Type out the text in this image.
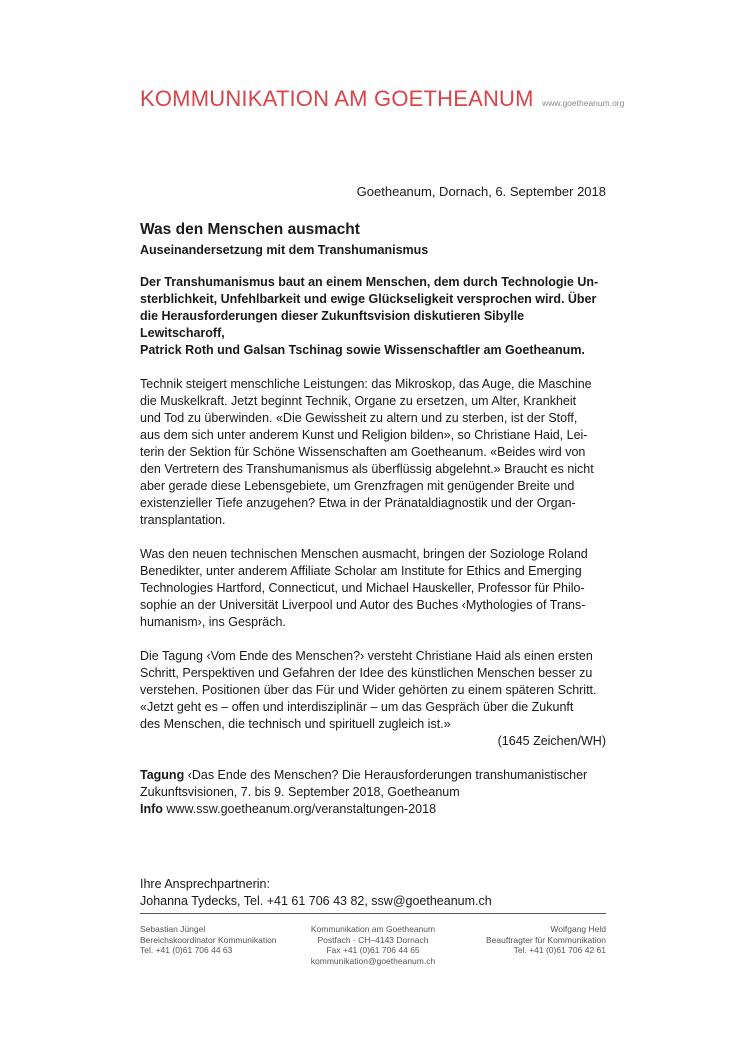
KOMMUNIKATION AM GOETHEANUM www.goetheanum.org
Goetheanum, Dornach, 6. September 2018
Was den Menschen ausmacht
Auseinandersetzung mit dem Transhumanismus
Der Transhumanismus baut an einem Menschen, dem durch Technologie Un-
sterblichkeit, Unfehlbarkeit und ewige Glückseligkeit versprochen wird. Über
die Herausforderungen dieser Zukunftsvision diskutieren Sibylle Lewitscharoff,
Patrick Roth und Galsan Tschinag sowie Wissenschaftler am Goetheanum.
Technik steigert menschliche Leistungen: das Mikroskop, das Auge, die Maschine
die Muskelkraft. Jetzt beginnt Technik, Organe zu ersetzen, um Alter, Krankheit
und Tod zu überwinden. «Die Gewissheit zu altern und zu sterben, ist der Stoff,
aus dem sich unter anderem Kunst und Religion bilden», so Christiane Haid, Lei-
terin der Sektion für Schöne Wissenschaften am Goetheanum. «Beides wird von
den Vertretern des Transhumanismus als überflüssig abgelehnt.» Braucht es nicht
aber gerade diese Lebensgebiete, um Grenzfragen mit genügender Breite und
existenzieller Tiefe anzugehen? Etwa in der Pränataldiagnostik und der Organ-
transplantation.
Was den neuen technischen Menschen ausmacht, bringen der Soziologe Roland
Benedikter, unter anderem Affiliate Scholar am Institute for Ethics and Emerging
Technologies Hartford, Connecticut, und Michael Hauskeller, Professor für Philo-
sophie an der Universität Liverpool und Autor des Buches ‹Mythologies of Trans-
humanism›, ins Gespräch.
Die Tagung ‹Vom Ende des Menschen?› versteht Christiane Haid als einen ersten
Schritt, Perspektiven und Gefahren der Idee des künstlichen Menschen besser zu
verstehen. Positionen über das Für und Wider gehörten zu einem späteren Schritt.
«Jetzt geht es – offen und interdisziplinär – um das Gespräch über die Zukunft
des Menschen, die technisch und spirituell zugleich ist.»
(1645 Zeichen/WH)
Tagung ‹Das Ende des Menschen? Die Herausforderungen transhumanistischer
Zukunftsvisionen, 7. bis 9. September 2018, Goetheanum
Info www.ssw.goetheanum.org/veranstaltungen-2018
Ihre Ansprechpartnerin:
Johanna Tydecks, Tel. +41 61 706 43 82, ssw@goetheanum.ch
Sebastian Jüngel
Bereichskoordinator Kommunikation
Tel. +41 (0)61 706 44 63
Kommunikation am Goetheanum
Postfach · CH–4143 Dornach
Fax +41 (0)61 706 44 65
kommunikation@goetheanum.ch
Wolfgang Held
Beauftragter für Kommunikation
Tel. +41 (0)61 706 42 61
